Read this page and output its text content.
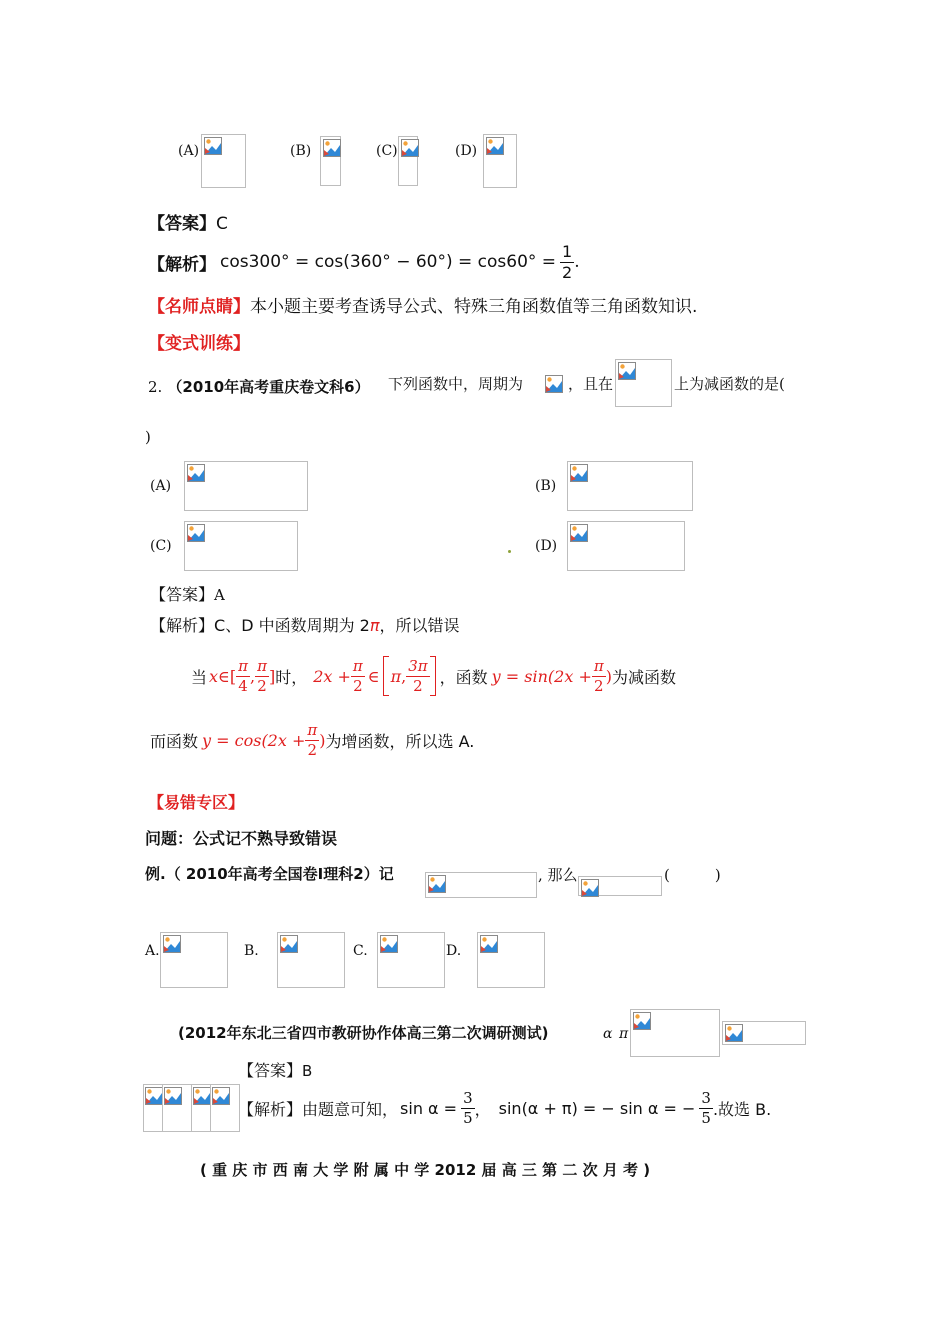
(A)	(B)	(C)	(D)
【答案】C
【解析】 $\cos 300^\circ = \cos(360^\circ - 60^\circ) = \cos 60^\circ = \frac{1}{2}$ .
【名师点睛】本小题主要考查诱导公式、特殊三角函数值等三角函数知识.
【变式训练】
2. （2010年高考重庆卷文科6） 下列函数中，周期为	，且在	上为减函数的是(
)
(A)	(B)
(C)	(D)
【答案】A
【解析】C、D 中函数周期为 2π，所以错误
当 x ∈[ $\frac{\pi}{4}$ , $\frac{\pi}{2}$ ] 时， $2x + \frac{\pi}{2}$ ∈ π , $\frac{3\pi}{2}$ ，函数 $y = \sin(2x + \frac{\pi}{2}$ ) 为减函数
而函数 $y = \cos(2x + \frac{\pi}{2}$ ) 为增函数，所以选 A.
【易错专区】
问题：公式记不熟导致错误
例.（ 2010年高考全国卷Ⅰ理科2）记	, 那么	(　　　)
A.	B.	C.	D.
(2012年东北三省四市教研协作体高三第二次调研测试)	α π
【答案】B
【解析】 由题意可知， $\sin \alpha = \frac{3}{5}$ ， sin(α + π) = − sin α = − $\frac{3}{5}$ .故选 B.
( 重 庆 市 西 南 大 学 附 属 中 学 2012 届 高 三 第 二 次 月 考 )
